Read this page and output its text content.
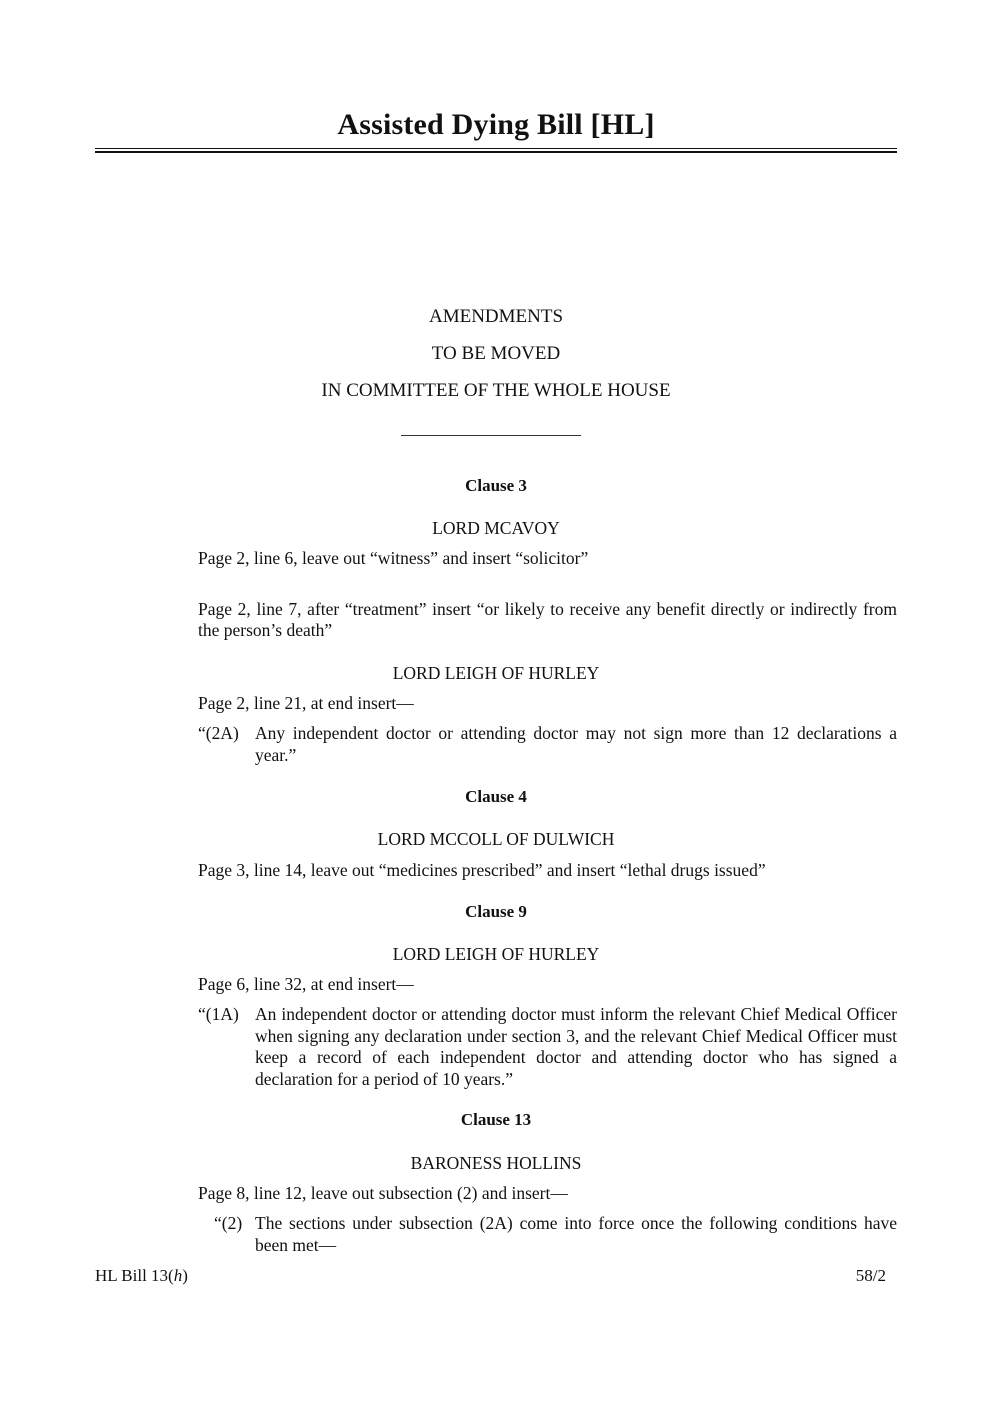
Assisted Dying Bill [HL]
AMENDMENTS
TO BE MOVED
IN COMMITTEE OF THE WHOLE HOUSE
Clause 3
LORD MCAVOY
Page 2, line 6, leave out “witness” and insert “solicitor”
Page 2, line 7, after “treatment” insert “or likely to receive any benefit directly or indirectly from the person’s death”
LORD LEIGH OF HURLEY
Page 2, line 21, at end insert—
“(2A) Any independent doctor or attending doctor may not sign more than 12 declarations a year.”
Clause 4
LORD MCCOLL OF DULWICH
Page 3, line 14, leave out “medicines prescribed” and insert “lethal drugs issued”
Clause 9
LORD LEIGH OF HURLEY
Page 6, line 32, at end insert—
“(1A) An independent doctor or attending doctor must inform the relevant Chief Medical Officer when signing any declaration under section 3, and the relevant Chief Medical Officer must keep a record of each independent doctor and attending doctor who has signed a declaration for a period of 10 years.”
Clause 13
BARONESS HOLLINS
Page 8, line 12, leave out subsection (2) and insert—
“(2) The sections under subsection (2A) come into force once the following conditions have been met—
HL Bill 13(h)	58/2
